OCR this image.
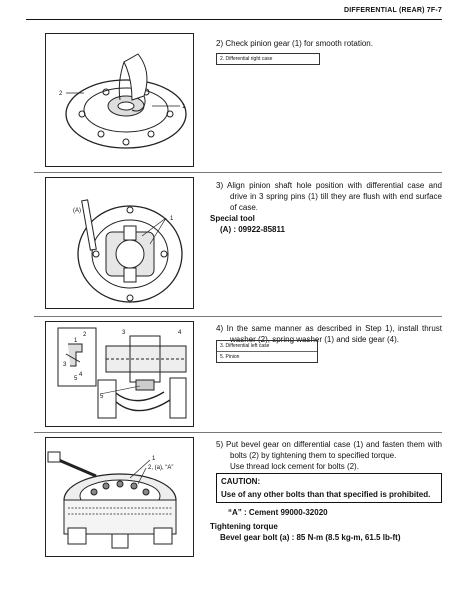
DIFFERENTIAL (REAR) 7F-7
2
1
2) Check pinion gear (1) for smooth rotation.
2. Differential right case
(A)
1
3) Align pinion shaft hole position with differential case and drive in 3 spring pins (1) till they are flush with end surface of case.
Special tool
(A) : 09922-85811
2
1
3
4
5
3	4
5
4) In the same manner as described in Step 1), install thrust washer (2), spring washer (1) and side gear (4).
3. Differential left case
5. Pinion
1
2, (a), “A”
5) Put bevel gear on differential case (1) and fasten them with bolts (2) by tightening them to specified torque.
Use thread lock cement for bolts (2).
CAUTION:
Use of any other bolts than that specified is prohibited.
“A” : Cement 99000-32020
Tightening torque
Bevel gear bolt (a) : 85 N-m (8.5 kg-m, 61.5 lb-ft)
